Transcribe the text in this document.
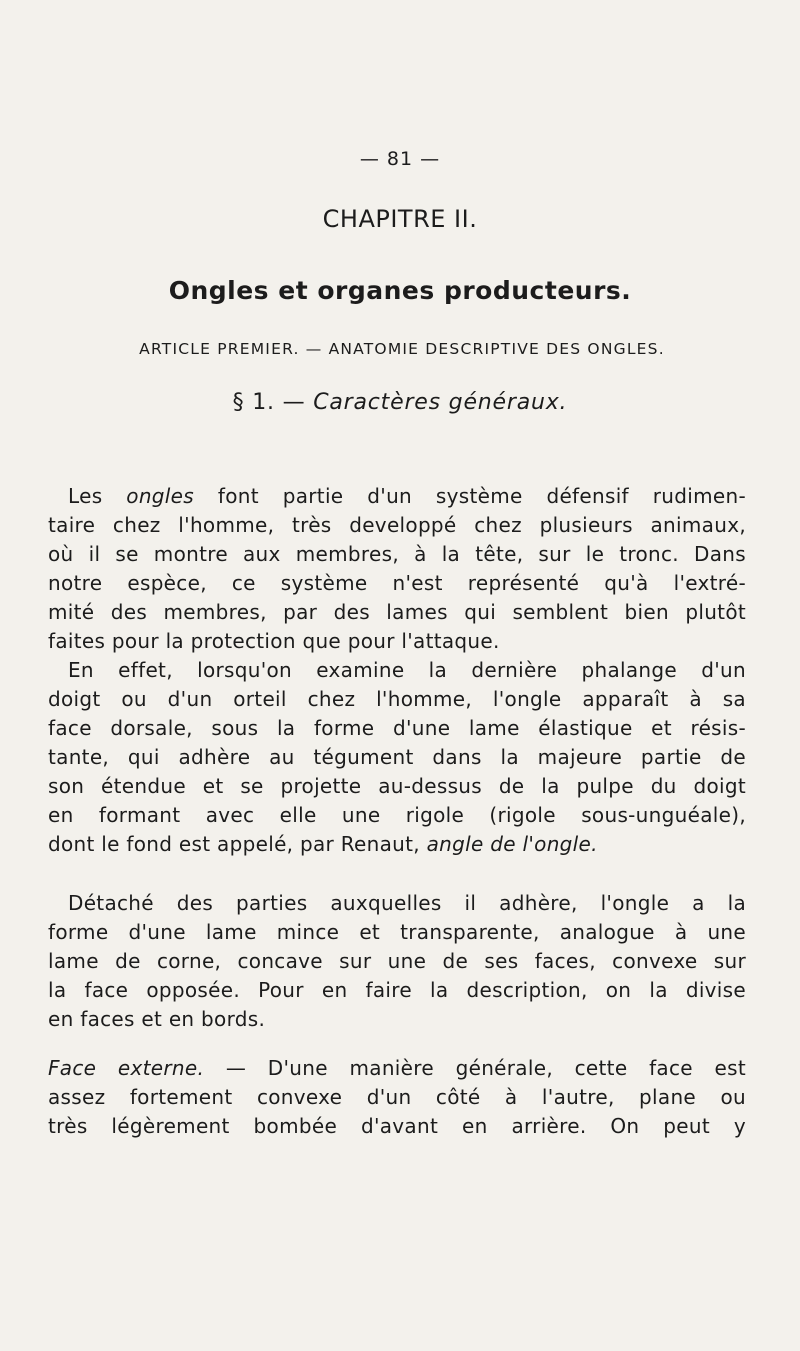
— 81 —
CHAPITRE II.
Ongles et organes producteurs.
ARTICLE PREMIER. — ANATOMIE DESCRIPTIVE DES ONGLES.
§ 1. — Caractères généraux.
Les ongles font partie d'un système défensif rudimen-
taire chez l'homme, très developpé chez plusieurs animaux,
où il se montre aux membres, à la tête, sur le tronc. Dans
notre espèce, ce système n'est représenté qu'à l'extré-
mité des membres, par des lames qui semblent bien plutôt
faites pour la protection que pour l'attaque.
En effet, lorsqu'on examine la dernière phalange d'un
doigt ou d'un orteil chez l'homme, l'ongle apparaît à sa
face dorsale, sous la forme d'une lame élastique et résis-
tante, qui adhère au tégument dans la majeure partie de
son étendue et se projette au-dessus de la pulpe du doigt
en formant avec elle une rigole (rigole sous-unguéale),
dont le fond est appelé, par Renaut, angle de l'ongle.
Détaché des parties auxquelles il adhère, l'ongle a la
forme d'une lame mince et transparente, analogue à une
lame de corne, concave sur une de ses faces, convexe sur
la face opposée. Pour en faire la description, on la divise
en faces et en bords.
Face externe. — D'une manière générale, cette face est
assez fortement convexe d'un côté à l'autre, plane ou
très légèrement bombée d'avant en arrière. On peut y
